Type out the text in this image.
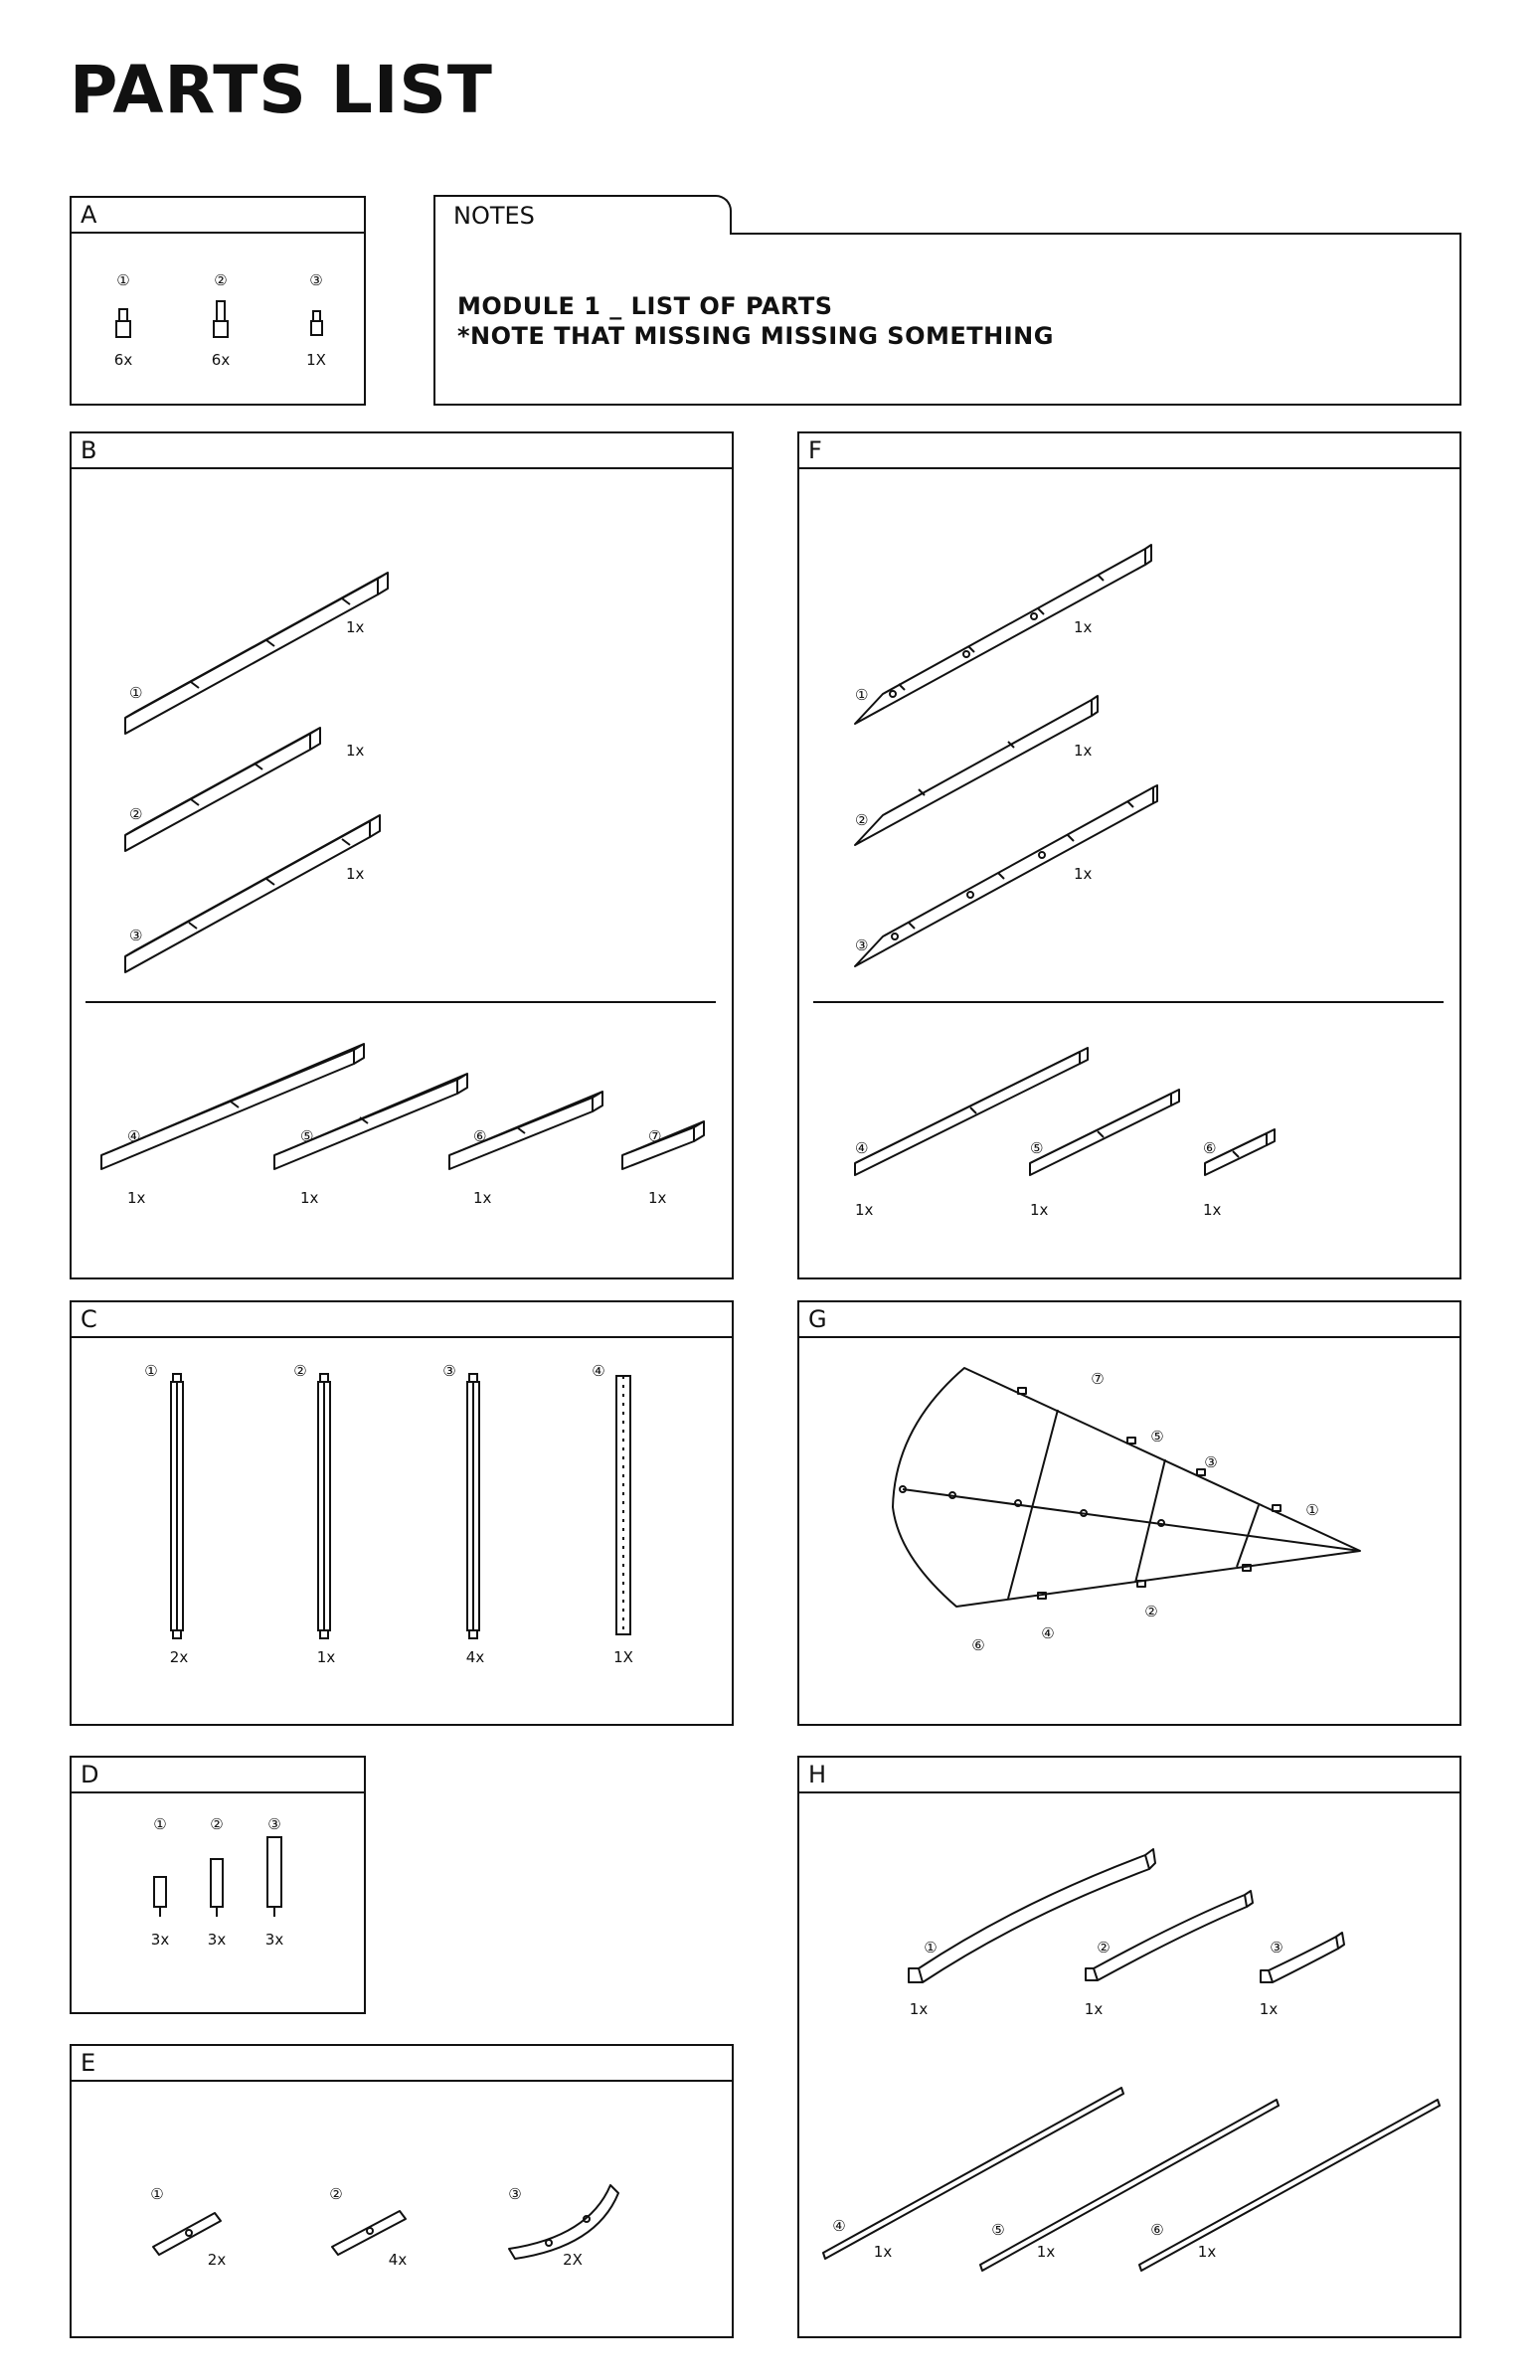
PARTS LIST
A
①	②	③
6x	6x	1X
NOTES
MODULE 1 _ LIST OF PARTS
*NOTE THAT MISSING MISSING SOMETHING
B
①
②
③
1x
1x
1x
④	⑤	⑥	⑦
1x	1x	1x	1x
F
①
②
③
1x
1x
1x
④	⑤	⑥
1x	1x	1x
C
①	②	③	④
2x	1x	4x	1X
G
⑦
⑤
③
①
②
④
⑥
D
①	②	③
3x	3x	3x
E
①	②	③
2x	4x	2X
H
①	②	③
1x	1x	1x
④	⑤	⑥
1x	1x	1x
